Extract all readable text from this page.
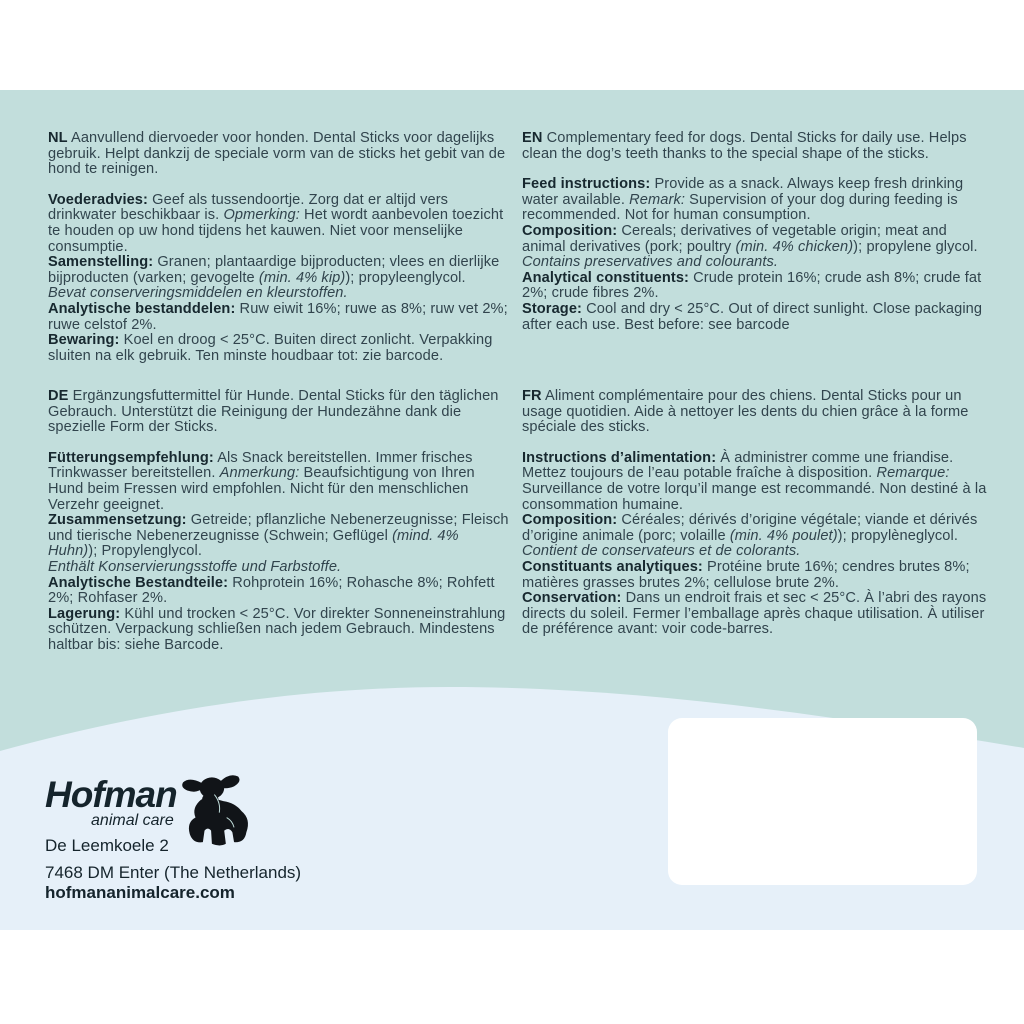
NL Aanvullend diervoeder voor honden. Dental Sticks voor dagelijks gebruik. Helpt dankzij de speciale vorm van de sticks het gebit van de hond te reinigen.
Voederadvies: Geef als tussendoortje. Zorg dat er altijd vers drinkwater beschikbaar is. Opmerking: Het wordt aanbevolen toezicht te houden op uw hond tijdens het kauwen. Niet voor menselijke consumptie.
Samenstelling: Granen; plantaardige bijproducten; vlees en dierlijke bijproducten (varken; gevogelte (min. 4% kip)); propyleenglycol.
Bevat conserveringsmiddelen en kleurstoffen.
Analytische bestanddelen: Ruw eiwit 16%; ruwe as 8%; ruw vet 2%; ruwe celstof 2%.
Bewaring: Koel en droog < 25°C. Buiten direct zonlicht. Verpakking sluiten na elk gebruik. Ten minste houdbaar tot: zie barcode.
EN Complementary feed for dogs. Dental Sticks for daily use. Helps clean the dog’s teeth thanks to the special shape of the sticks.
Feed instructions: Provide as a snack. Always keep fresh drinking water available. Remark: Supervision of your dog during feeding is recommended. Not for human consumption.
Composition: Cereals; derivatives of vegetable origin; meat and animal derivatives (pork; poultry (min. 4% chicken)); propylene glycol.
Contains preservatives and colourants.
Analytical constituents: Crude protein 16%; crude ash 8%; crude fat 2%; crude fibres 2%.
Storage: Cool and dry < 25°C. Out of direct sunlight. Close packaging after each use. Best before: see barcode
DE Ergänzungsfuttermittel für Hunde. Dental Sticks für den täglichen Gebrauch. Unterstützt die Reinigung der Hundezähne dank die spezielle Form der Sticks.
Fütterungsempfehlung: Als Snack bereitstellen. Immer frisches Trinkwasser bereitstellen. Anmerkung: Beaufsichtigung von Ihren Hund beim Fressen wird empfohlen. Nicht für den menschlichen Verzehr geeignet.
Zusammensetzung: Getreide; pflanzliche Nebenerzeugnisse; Fleisch und tierische Nebenerzeugnisse (Schwein; Geflügel (mind. 4% Huhn)); Propylenglycol.
Enthält Konservierungsstoffe und Farbstoffe.
Analytische Bestandteile: Rohprotein 16%; Rohasche 8%; Rohfett 2%; Rohfaser 2%.
Lagerung: Kühl und trocken < 25°C. Vor direkter Sonneneinstrahlung schützen. Verpackung schließen nach jedem Gebrauch. Mindestens haltbar bis: siehe Barcode.
FR Aliment complémentaire pour des chiens. Dental Sticks pour un usage quotidien. Aide à nettoyer les dents du chien grâce à la forme spéciale des sticks.
Instructions d’alimentation: À administrer comme une friandise. Mettez toujours de l’eau potable fraîche à disposition. Remarque: Surveillance de votre lorqu’il mange est recommandé. Non destiné à la consommation humaine.
Composition: Céréales; dérivés d’origine végétale; viande et dérivés d’origine animale (porc; volaille (min. 4% poulet)); propylèneglycol.
Contient de conservateurs et de colorants.
Constituants analytiques: Protéine brute 16%; cendres brutes 8%; matières grasses brutes 2%; cellulose brute 2%.
Conservation: Dans un endroit frais et sec < 25°C. À l’abri des rayons directs du soleil. Fermer l’emballage après chaque utilisation. À utiliser de préférence avant: voir code-barres.
Hofman
animal care
De Leemkoele 2
7468 DM Enter (The Netherlands)
hofmananimalcare.com
